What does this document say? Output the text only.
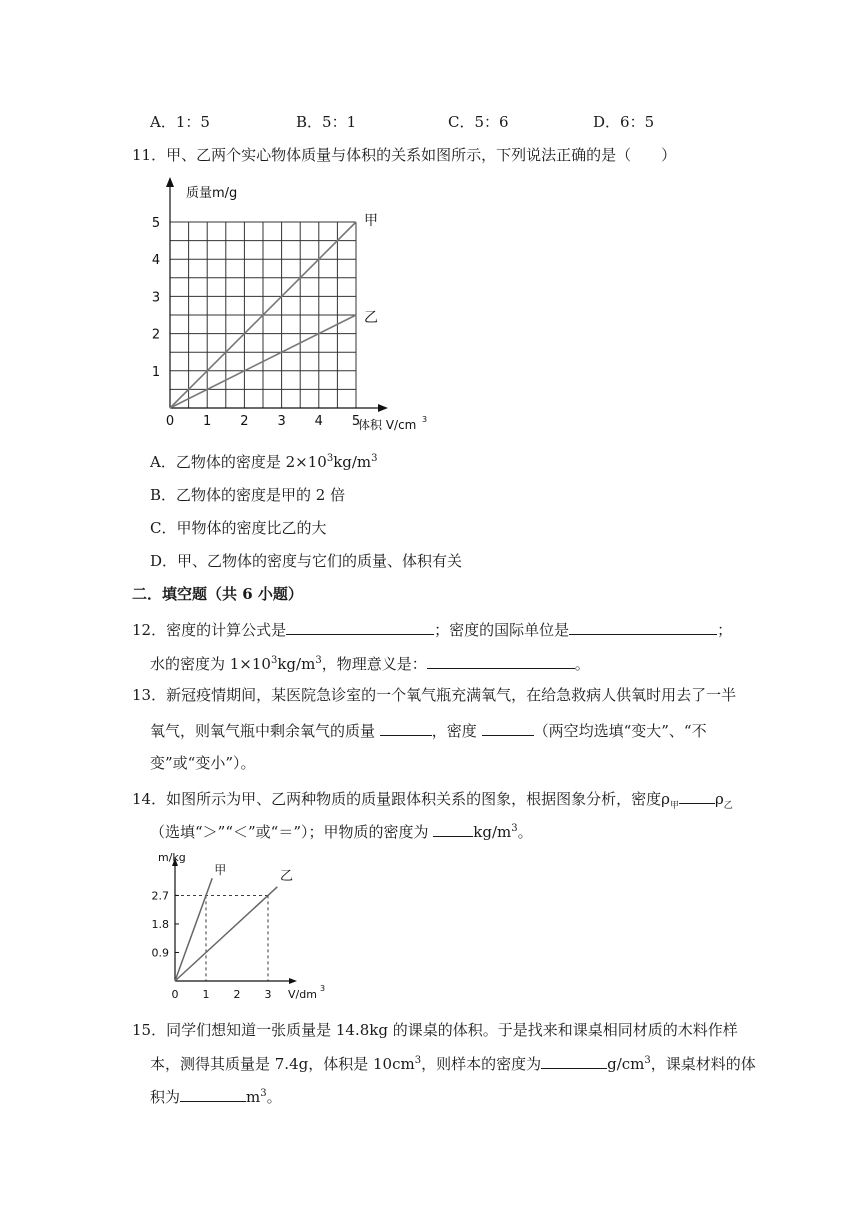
A．1：5	B．5：1	C．5：6	D．6：5
11．甲、乙两个实心物体质量与体积的关系如图所示，下列说法正确的是（　　）
1
2
3
4
5
0 1 2 3 4 5
质量m/g
体积 V/cm 3
甲
乙
A．乙物体的密度是 $2\times 10^3kg/m^3$
B．乙物体的密度是甲的 2 倍
C．甲物体的密度比乙的大
D．甲、乙物体的密度与它们的质量、体积有关
二．填空题（共 6 小题）
12．密度的计算公式是	；密度的国际单位是	；
水的密度为 $1\times 10^3kg/m^3$，物理意义是：	。
13．新冠疫情期间，某医院急诊室的一个氧气瓶充满氧气，在给急救病人供氧时用去了一半
氧气，则氧气瓶中剩余氧气的质量	，密度	（两空均选填“变大”、“不
变”或“变小”）。
14．如图所示为甲、乙两种物质的质量跟体积关系的图象，根据图象分析，密度$\rho_甲$ $\rho_乙$
（选填“＞”“＜”或“＝”）；甲物质的密度为	$kg/m^3$。
0.9
1.8
2.7
0 1 2 3
m/kg
V/dm 3
甲	乙
15．同学们想知道一张质量是 14.8kg 的课桌的体积。于是找来和课桌相同材质的木料作样
本，测得其质量是 7.4g，体积是 $10cm^3$，则样本的密度为	$g/cm^3$，课桌材料的体
积为	$m^3$。
